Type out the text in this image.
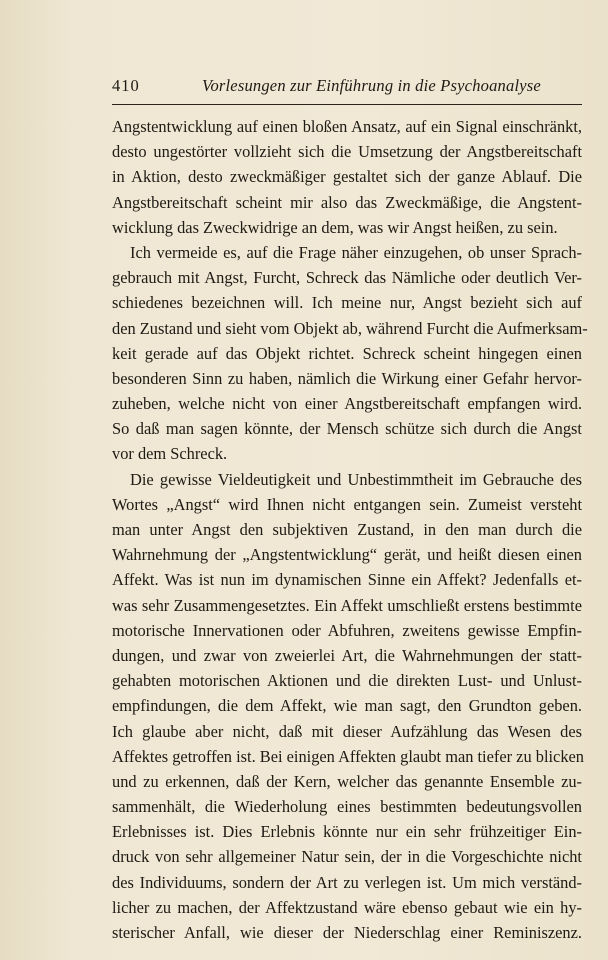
410	Vorlesungen zur Einführung in die Psychoanalyse
Angstentwicklung auf einen bloßen Ansatz, auf ein Signal einschränkt,
desto ungestörter vollzieht sich die Umsetzung der Angstbereitschaft
in Aktion, desto zweckmäßiger gestaltet sich der ganze Ablauf. Die
Angstbereitschaft scheint mir also das Zweckmäßige, die Angstent-
wicklung das Zweckwidrige an dem, was wir Angst heißen, zu sein.
Ich vermeide es, auf die Frage näher einzugehen, ob unser Sprach-
gebrauch mit Angst, Furcht, Schreck das Nämliche oder deutlich Ver-
schiedenes bezeichnen will. Ich meine nur, Angst bezieht sich auf
den Zustand und sieht vom Objekt ab, während Furcht die Aufmerksam-
keit gerade auf das Objekt richtet. Schreck scheint hingegen einen
besonderen Sinn zu haben, nämlich die Wirkung einer Gefahr hervor-
zuheben, welche nicht von einer Angstbereitschaft empfangen wird.
So daß man sagen könnte, der Mensch schütze sich durch die Angst
vor dem Schreck.
Die gewisse Vieldeutigkeit und Unbestimmtheit im Gebrauche des
Wortes „Angst“ wird Ihnen nicht entgangen sein. Zumeist versteht
man unter Angst den subjektiven Zustand, in den man durch die
Wahrnehmung der „Angstentwicklung“ gerät, und heißt diesen einen
Affekt. Was ist nun im dynamischen Sinne ein Affekt? Jedenfalls et-
was sehr Zusammengesetztes. Ein Affekt umschließt erstens bestimmte
motorische Innervationen oder Abfuhren, zweitens gewisse Empfin-
dungen, und zwar von zweierlei Art, die Wahrnehmungen der statt-
gehabten motorischen Aktionen und die direkten Lust- und Unlust-
empfindungen, die dem Affekt, wie man sagt, den Grundton geben.
Ich glaube aber nicht, daß mit dieser Aufzählung das Wesen des
Affektes getroffen ist. Bei einigen Affekten glaubt man tiefer zu blicken
und zu erkennen, daß der Kern, welcher das genannte Ensemble zu-
sammenhält, die Wiederholung eines bestimmten bedeutungsvollen
Erlebnisses ist. Dies Erlebnis könnte nur ein sehr frühzeitiger Ein-
druck von sehr allgemeiner Natur sein, der in die Vorgeschichte nicht
des Individuums, sondern der Art zu verlegen ist. Um mich verständ-
licher zu machen, der Affektzustand wäre ebenso gebaut wie ein hy-
sterischer Anfall, wie dieser der Niederschlag einer Reminiszenz.
